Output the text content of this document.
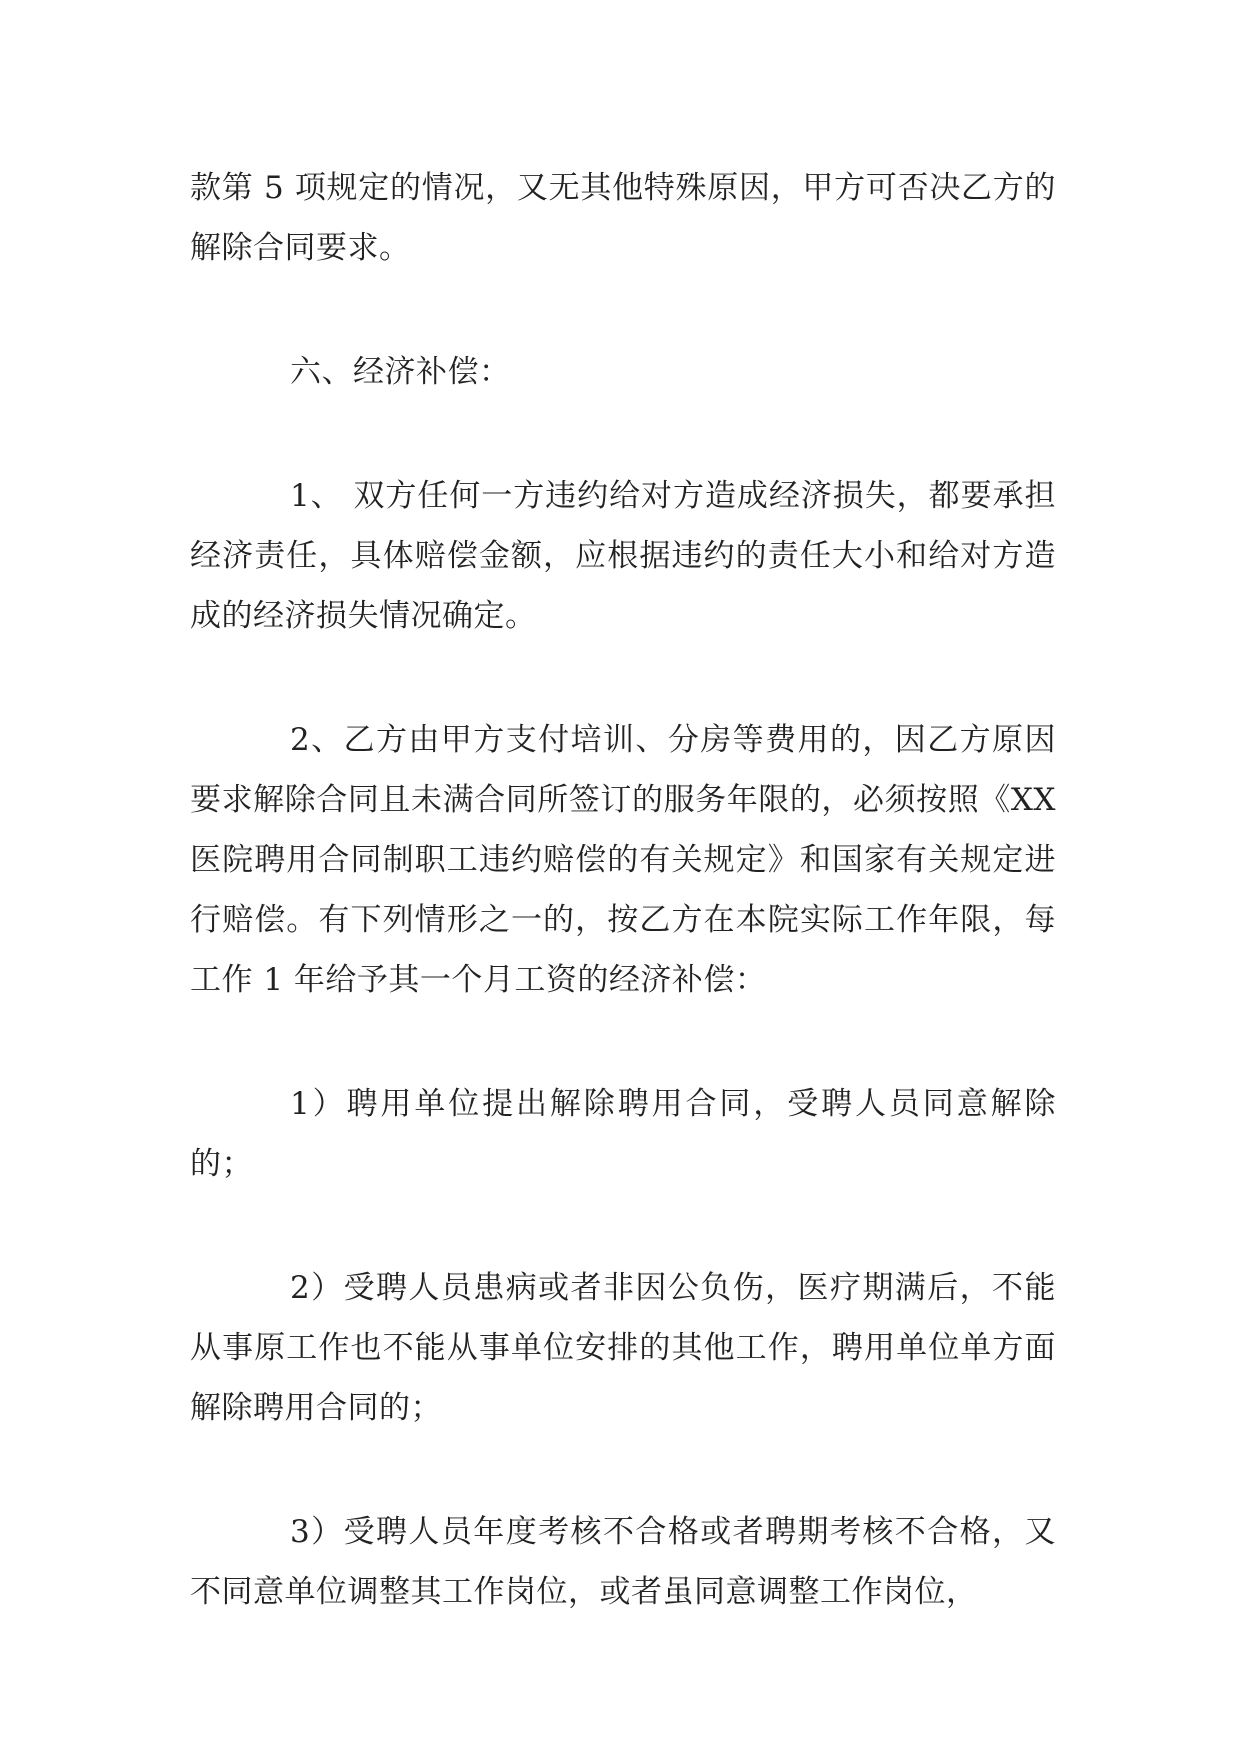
款第 5 项规定的情况，又无其他特殊原因，甲方可否决乙方的解除合同要求。

六、经济补偿：

1、 双方任何一方违约给对方造成经济损失，都要承担经济责任，具体赔偿金额，应根据违约的责任大小和给对方造成的经济损失情况确定。

2、乙方由甲方支付培训、分房等费用的，因乙方原因要求解除合同且未满合同所签订的服务年限的，必须按照《XX 医院聘用合同制职工违约赔偿的有关规定》和国家有关规定进行赔偿。有下列情形之一的，按乙方在本院实际工作年限，每工作 1 年给予其一个月工资的经济补偿：

1）聘用单位提出解除聘用合同，受聘人员同意解除的；

2）受聘人员患病或者非因公负伤，医疗期满后，不能从事原工作也不能从事单位安排的其他工作，聘用单位单方面解除聘用合同的；

3）受聘人员年度考核不合格或者聘期考核不合格，又不同意单位调整其工作岗位，或者虽同意调整工作岗位，
